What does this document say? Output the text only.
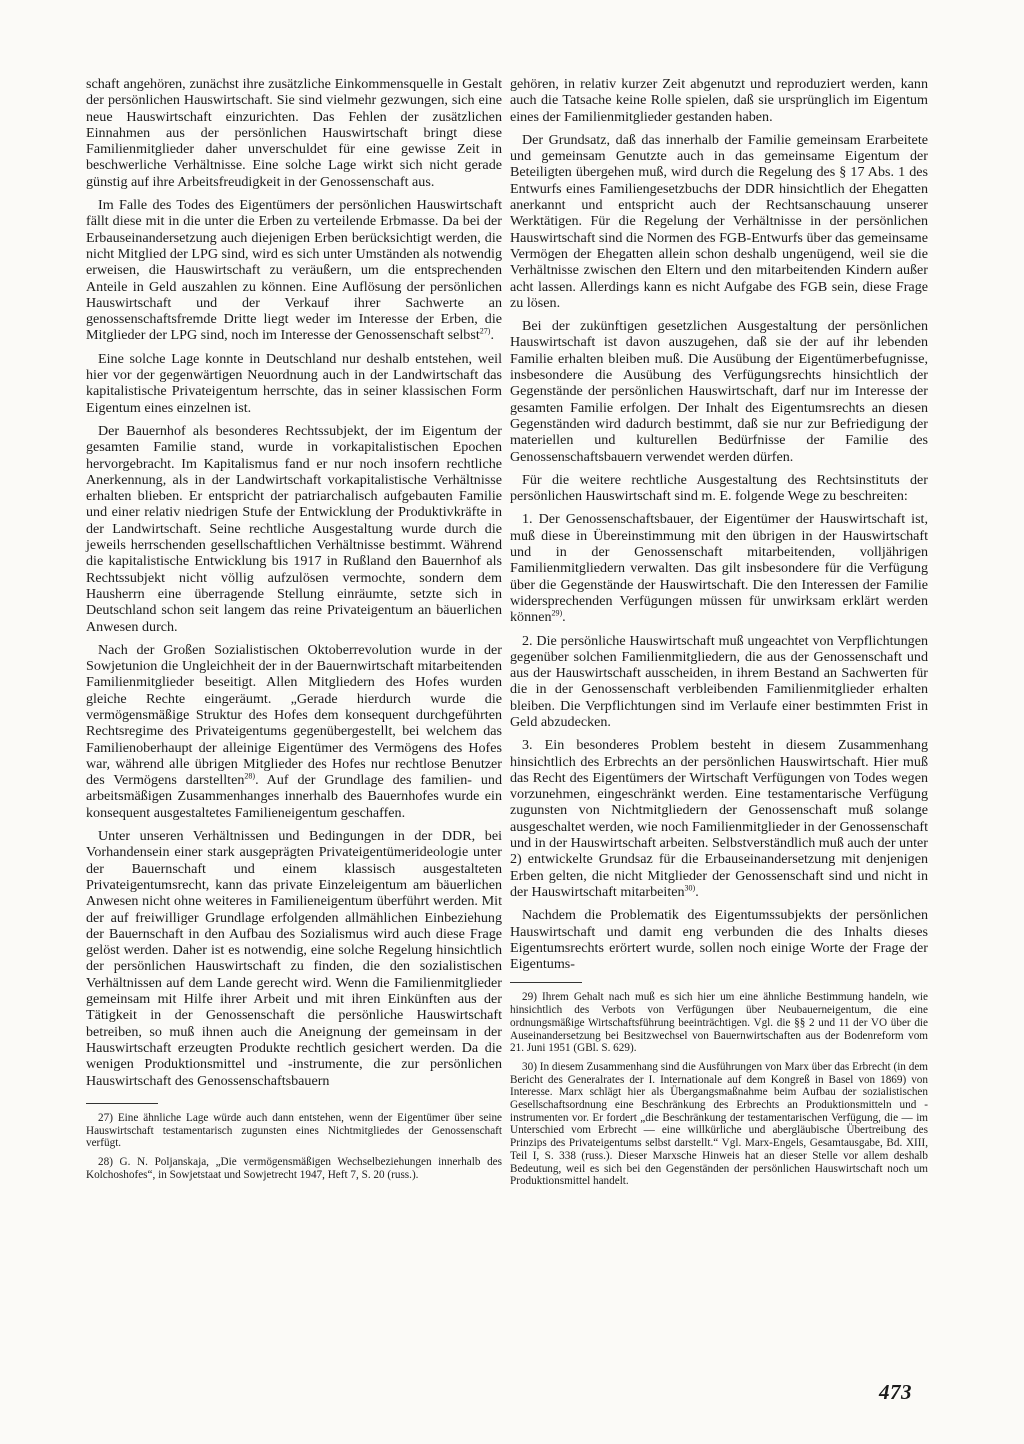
schaft angehören, zunächst ihre zusätzliche Einkommensquelle in Gestalt der persönlichen Hauswirtschaft. Sie sind vielmehr gezwungen, sich eine neue Hauswirtschaft einzurichten. Das Fehlen der zusätzlichen Einnahmen aus der persönlichen Hauswirtschaft bringt diese Familienmitglieder daher unverschuldet für eine gewisse Zeit in beschwerliche Verhältnisse. Eine solche Lage wirkt sich nicht gerade günstig auf ihre Arbeitsfreudigkeit in der Genossenschaft aus.

Im Falle des Todes des Eigentümers der persönlichen Hauswirtschaft fällt diese mit in die unter die Erben zu verteilende Erbmasse. Da bei der Erbauseinandersetzung auch diejenigen Erben berücksichtigt werden, die nicht Mitglied der LPG sind, wird es sich unter Umständen als notwendig erweisen, die Hauswirtschaft zu veräußern, um die entsprechenden Anteile in Geld auszahlen zu können. Eine Auflösung der persönlichen Hauswirtschaft und der Verkauf ihrer Sachwerte an genossenschaftsfremde Dritte liegt weder im Interesse der Erben, die Mitglieder der LPG sind, noch im Interesse der Genossenschaft selbst$^{27)}$.

Eine solche Lage konnte in Deutschland nur deshalb entstehen, weil hier vor der gegenwärtigen Neuordnung auch in der Landwirtschaft das kapitalistische Privateigentum herrschte, das in seiner klassischen Form Eigentum eines einzelnen ist.

Der Bauernhof als besonderes Rechtssubjekt, der im Eigentum der gesamten Familie stand, wurde in vorkapitalistischen Epochen hervorgebracht. Im Kapitalismus fand er nur noch insofern rechtliche Anerkennung, als in der Landwirtschaft vorkapitalistische Verhältnisse erhalten blieben. Er entspricht der patriarchalisch aufgebauten Familie und einer relativ niedrigen Stufe der Entwicklung der Produktivkräfte in der Landwirtschaft. Seine rechtliche Ausgestaltung wurde durch die jeweils herrschenden gesellschaftlichen Verhältnisse bestimmt. Während die kapitalistische Entwicklung bis 1917 in Rußland den Bauernhof als Rechtssubjekt nicht völlig aufzulösen vermochte, sondern dem Hausherrn eine überragende Stellung einräumte, setzte sich in Deutschland schon seit langem das reine Privateigentum an bäuerlichen Anwesen durch.

Nach der Großen Sozialistischen Oktoberrevolution wurde in der Sowjetunion die Ungleichheit der in der Bauernwirtschaft mitarbeitenden Familienmitglieder beseitigt. Allen Mitgliedern des Hofes wurden gleiche Rechte eingeräumt. „Gerade hierdurch wurde die vermögensmäßige Struktur des Hofes dem konsequent durchgeführten Rechtsregime des Privateigentums gegenübergestellt, bei welchem das Familienoberhaupt der alleinige Eigentümer des Vermögens des Hofes war, während alle übrigen Mitglieder des Hofes nur rechtlose Benutzer des Vermögens darstellten$^{28)}$. Auf der Grundlage des familien- und arbeitsmäßigen Zusammenhanges innerhalb des Bauernhofes wurde ein konsequent ausgestaltetes Familieneigentum geschaffen.

Unter unseren Verhältnissen und Bedingungen in der DDR, bei Vorhandensein einer stark ausgeprägten Privateigentümerideologie unter der Bauernschaft und einem klassisch ausgestalteten Privateigentumsrecht, kann das private Einzeleigentum am bäuerlichen Anwesen nicht ohne weiteres in Familieneigentum überführt werden. Mit der auf freiwilliger Grundlage erfolgenden allmählichen Einbeziehung der Bauernschaft in den Aufbau des Sozialismus wird auch diese Frage gelöst werden. Daher ist es notwendig, eine solche Regelung hinsichtlich der persönlichen Hauswirtschaft zu finden, die den sozialistischen Verhältnissen auf dem Lande gerecht wird. Wenn die Familienmitglieder gemeinsam mit Hilfe ihrer Arbeit und mit ihren Einkünften aus der Tätigkeit in der Genossenschaft die persönliche Hauswirtschaft betreiben, so muß ihnen auch die Aneignung der gemeinsam in der Hauswirtschaft erzeugten Produkte rechtlich gesichert werden. Da die wenigen Produktionsmittel und -instrumente, die zur persönlichen Hauswirtschaft des Genossenschaftsbauern

27) Eine ähnliche Lage würde auch dann entstehen, wenn der Eigentümer über seine Hauswirtschaft testamentarisch zugunsten eines Nichtmitgliedes der Genossenschaft verfügt.

28) G. N. Poljanskaja, „Die vermögensmäßigen Wechselbeziehungen innerhalb des Kolchoshofes“, in Sowjetstaat und Sowjetrecht 1947, Heft 7, S. 20 (russ.).

gehören, in relativ kurzer Zeit abgenutzt und reproduziert werden, kann auch die Tatsache keine Rolle spielen, daß sie ursprünglich im Eigentum eines der Familienmitglieder gestanden haben.

Der Grundsatz, daß das innerhalb der Familie gemeinsam Erarbeitete und gemeinsam Genutzte auch in das gemeinsame Eigentum der Beteiligten übergehen muß, wird durch die Regelung des § 17 Abs. 1 des Entwurfs eines Familiengesetzbuchs der DDR hinsichtlich der Ehegatten anerkannt und entspricht auch der Rechtsanschauung unserer Werktätigen. Für die Regelung der Verhältnisse in der persönlichen Hauswirtschaft sind die Normen des FGB-Entwurfs über das gemeinsame Vermögen der Ehegatten allein schon deshalb ungenügend, weil sie die Verhältnisse zwischen den Eltern und den mitarbeitenden Kindern außer acht lassen. Allerdings kann es nicht Aufgabe des FGB sein, diese Frage zu lösen.

Bei der zukünftigen gesetzlichen Ausgestaltung der persönlichen Hauswirtschaft ist davon auszugehen, daß sie der auf ihr lebenden Familie erhalten bleiben muß. Die Ausübung der Eigentümerbefugnisse, insbesondere die Ausübung des Verfügungsrechts hinsichtlich der Gegenstände der persönlichen Hauswirtschaft, darf nur im Interesse der gesamten Familie erfolgen. Der Inhalt des Eigentumsrechts an diesen Gegenständen wird dadurch bestimmt, daß sie nur zur Befriedigung der materiellen und kulturellen Bedürfnisse der Familie des Genossenschaftsbauern verwendet werden dürfen.

Für die weitere rechtliche Ausgestaltung des Rechtsinstituts der persönlichen Hauswirtschaft sind m. E. folgende Wege zu beschreiten:

1. Der Genossenschaftsbauer, der Eigentümer der Hauswirtschaft ist, muß diese in Übereinstimmung mit den übrigen in der Hauswirtschaft und in der Genossenschaft mitarbeitenden, volljährigen Familienmitgliedern verwalten. Das gilt insbesondere für die Verfügung über die Gegenstände der Hauswirtschaft. Die den Interessen der Familie widersprechenden Verfügungen müssen für unwirksam erklärt werden können$^{29)}$.

2. Die persönliche Hauswirtschaft muß ungeachtet von Verpflichtungen gegenüber solchen Familienmitgliedern, die aus der Genossenschaft und aus der Hauswirtschaft ausscheiden, in ihrem Bestand an Sachwerten für die in der Genossenschaft verbleibenden Familienmitglieder erhalten bleiben. Die Verpflichtungen sind im Verlaufe einer bestimmten Frist in Geld abzudecken.

3. Ein besonderes Problem besteht in diesem Zusammenhang hinsichtlich des Erbrechts an der persönlichen Hauswirtschaft. Hier muß das Recht des Eigentümers der Wirtschaft Verfügungen von Todes wegen vorzunehmen, eingeschränkt werden. Eine testamentarische Verfügung zugunsten von Nichtmitgliedern der Genossenschaft muß solange ausgeschaltet werden, wie noch Familienmitglieder in der Genossenschaft und in der Hauswirtschaft arbeiten. Selbstverständlich muß auch der unter 2) entwickelte Grundsaz für die Erbauseinandersetzung mit denjenigen Erben gelten, die nicht Mitglieder der Genossenschaft sind und nicht in der Hauswirtschaft mitarbeiten$^{30)}$.

Nachdem die Problematik des Eigentumssubjekts der persönlichen Hauswirtschaft und damit eng verbunden die des Inhalts dieses Eigentumsrechts erörtert wurde, sollen noch einige Worte der Frage der Eigentums-

29) Ihrem Gehalt nach muß es sich hier um eine ähnliche Bestimmung handeln, wie hinsichtlich des Verbots von Verfügungen über Neubauerneigentum, die eine ordnungsmäßige Wirtschaftsführung beeinträchtigen. Vgl. die §§ 2 und 11 der VO über die Auseinandersetzung bei Besitzwechsel von Bauernwirtschaften aus der Bodenreform vom 21. Juni 1951 (GBl. S. 629).

30) In diesem Zusammenhang sind die Ausführungen von Marx über das Erbrecht (in dem Bericht des Generalrates der I. Internationale auf dem Kongreß in Basel von 1869) von Interesse. Marx schlägt hier als Übergangsmaßnahme beim Aufbau der sozialistischen Gesellschaftsordnung eine Beschränkung des Erbrechts an Produktionsmitteln und -instrumenten vor. Er fordert „die Beschränkung der testamentarischen Verfügung, die — im Unterschied vom Erbrecht — eine willkürliche und abergläubische Übertreibung des Prinzips des Privateigentums selbst darstellt.“ Vgl. Marx-Engels, Gesamtausgabe, Bd. XIII, Teil I, S. 338 (russ.). Dieser Marxsche Hinweis hat an dieser Stelle vor allem deshalb Bedeutung, weil es sich bei den Gegenständen der persönlichen Hauswirtschaft noch um Produktionsmittel handelt.

473
